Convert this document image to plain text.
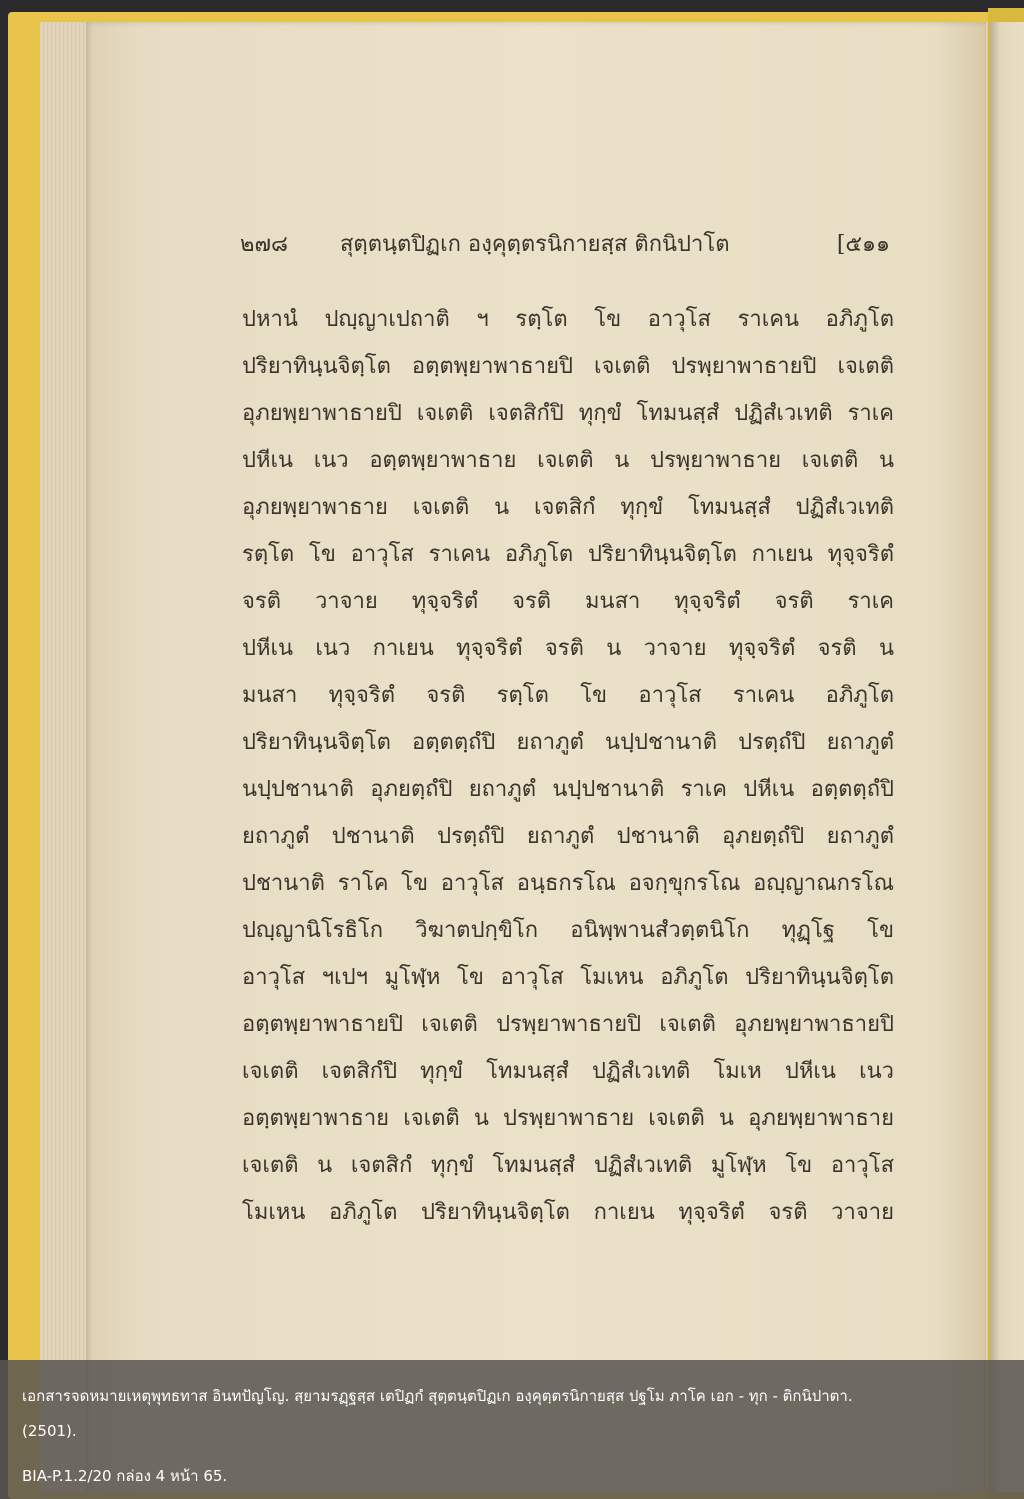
๒๗๘ สุตฺตนฺตปิฏเก องฺคุตฺตรนิกายสฺส ติกนิปาโต	[๕๑๑
ปหานํ ปญฺญาเปถาติ ฯ รตฺโต โข อาวุโส ราเคน อภิภูโต
ปริยาทินฺนจิตฺโต อตฺตพฺยาพาธายปิ เจเตติ ปรพฺยาพาธายปิ เจเตติ
อุภยพฺยาพาธายปิ เจเตติ เจตสิกํปิ ทุกฺขํ โทมนสฺสํ ปฏิสํเวเทติ ราเค
ปหีเน เนว อตฺตพฺยาพาธาย เจเตติ น ปรพฺยาพาธาย เจเตติ น
อุภยพฺยาพาธาย เจเตติ น เจตสิกํ ทุกฺขํ โทมนสฺสํ ปฏิสํเวเทติ
รตฺโต โข อาวุโส ราเคน อภิภูโต ปริยาทินฺนจิตฺโต กาเยน ทุจฺจริตํ
จรติ วาจาย ทุจฺจริตํ จรติ มนสา ทุจฺจริตํ จรติ ราเค
ปหีเน เนว กาเยน ทุจฺจริตํ จรติ น วาจาย ทุจฺจริตํ จรติ น
มนสา ทุจฺจริตํ จรติ รตฺโต โข อาวุโส ราเคน อภิภูโต
ปริยาทินฺนจิตฺโต อตฺตตฺถํปิ ยถาภูตํ นปฺปชานาติ ปรตฺถํปิ ยถาภูตํ
นปฺปชานาติ อุภยตฺถํปิ ยถาภูตํ นปฺปชานาติ ราเค ปหีเน อตฺตตฺถํปิ
ยถาภูตํ ปชานาติ ปรตฺถํปิ ยถาภูตํ ปชานาติ อุภยตฺถํปิ ยถาภูตํ
ปชานาติ ราโค โข อาวุโส อนฺธกรโณ อจกฺขุกรโณ อญฺญาณกรโณ
ปญฺญานิโรธิโก วิฆาตปกฺขิโก อนิพฺพานสํวตฺตนิโก ทุฏฺโฐ โข
อาวุโส ฯเปฯ มูโฬฺห โข อาวุโส โมเหน อภิภูโต ปริยาทินฺนจิตฺโต
อตฺตพฺยาพาธายปิ เจเตติ ปรพฺยาพาธายปิ เจเตติ อุภยพฺยาพาธายปิ
เจเตติ เจตสิกํปิ ทุกฺขํ โทมนสฺสํ ปฏิสํเวเทติ โมเห ปหีเน เนว
อตฺตพฺยาพาธาย เจเตติ น ปรพฺยาพาธาย เจเตติ น อุภยพฺยาพาธาย
เจเตติ น เจตสิกํ ทุกฺขํ โทมนสฺสํ ปฏิสํเวเทติ มูโฬฺห โข อาวุโส
โมเหน อภิภูโต ปริยาทินฺนจิตฺโต กาเยน ทุจฺจริตํ จรติ วาจาย
เอกสารจดหมายเหตุพุทธทาส อินทปัญโญ. สฺยามรฏฺฐสฺส เตปิฏกํ สุตฺตนฺตปิฏเก องฺคุตฺตรนิกายสฺส ปฐโม ภาโค เอก - ทุก - ติกนิปาตา.
(2501).
BIA-P.1.2/20 กล่อง 4 หน้า 65.
